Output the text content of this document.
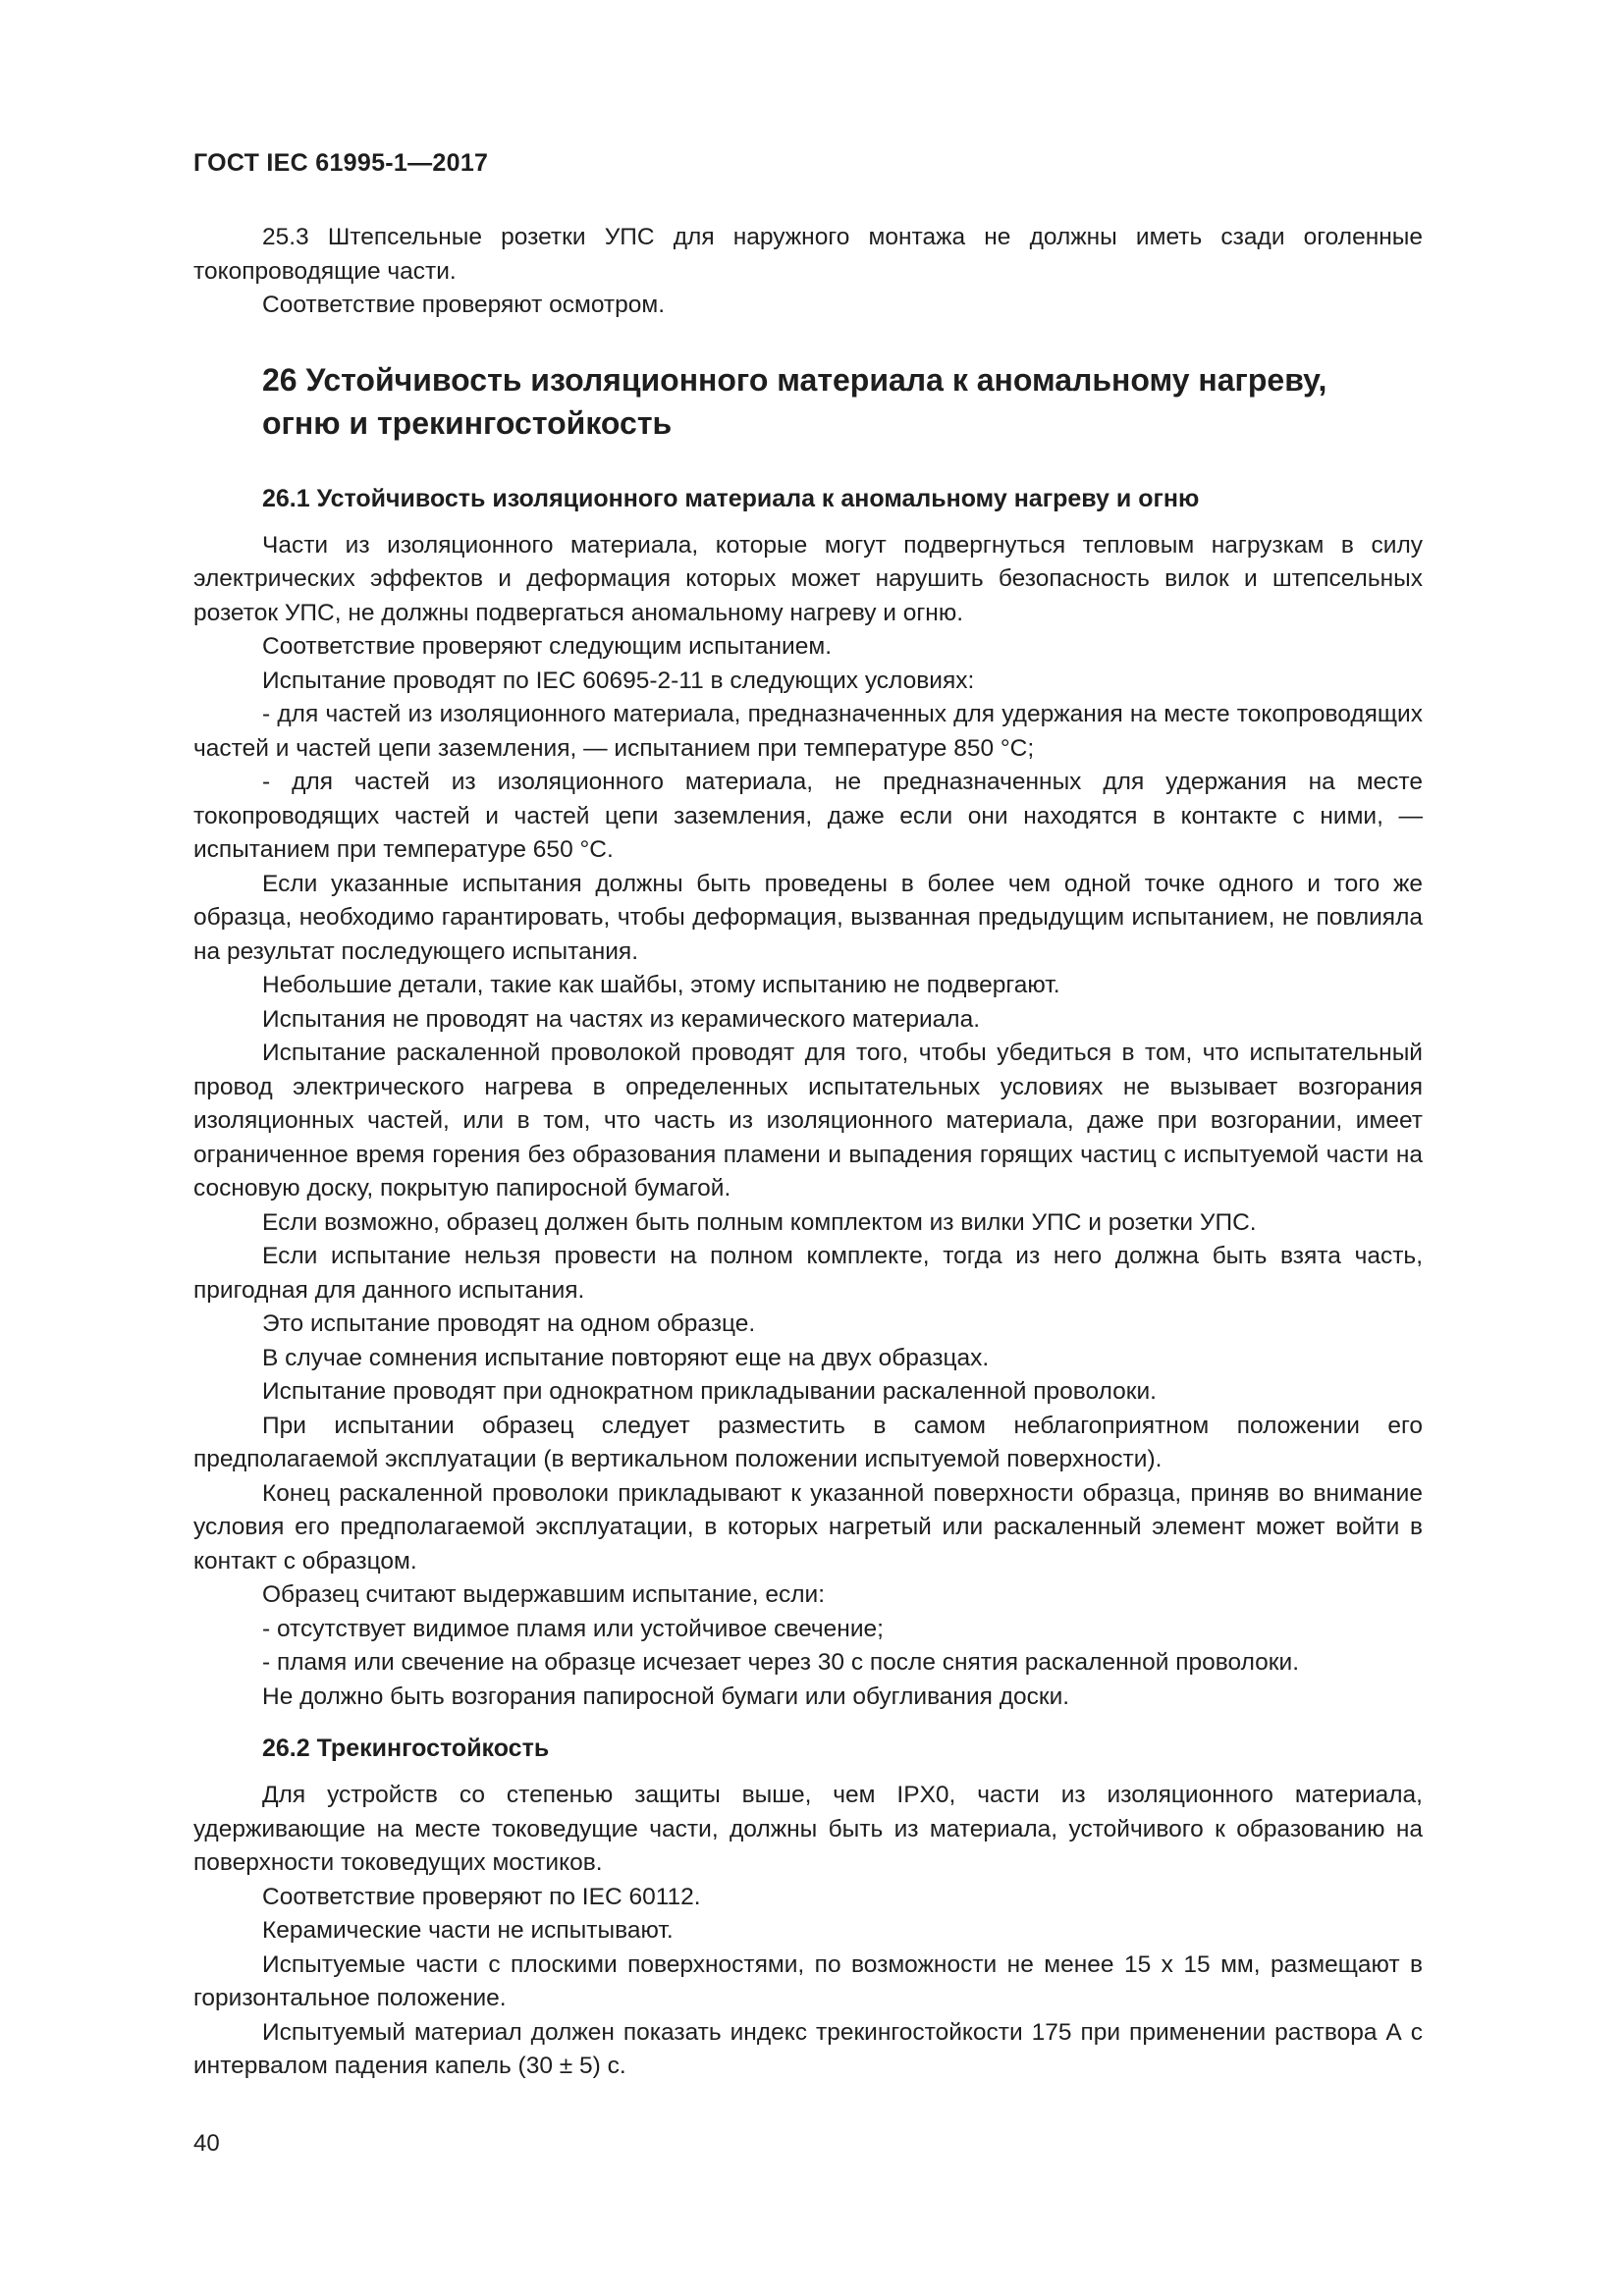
ГОСТ IEC 61995-1—2017

25.3 Штепсельные розетки УПС для наружного монтажа не должны иметь сзади оголенные токопроводящие части.

Соответствие проверяют осмотром.

26 Устойчивость изоляционного материала к аномальному нагреву,
огню и трекингостойкость
26.1 Устойчивость изоляционного материала к аномальному нагреву и огню

Части из изоляционного материала, которые могут подвергнуться тепловым нагрузкам в силу электрических эффектов и деформация которых может нарушить безопасность вилок и штепсельных розеток УПС, не должны подвергаться аномальному нагреву и огню.

Соответствие проверяют следующим испытанием.

Испытание проводят по IEC 60695-2-11 в следующих условиях:

- для частей из изоляционного материала, предназначенных для удержания на месте токопроводящих частей и частей цепи заземления, — испытанием при температуре 850 °С;

- для частей из изоляционного материала, не предназначенных для удержания на месте токопроводящих частей и частей цепи заземления, даже если они находятся в контакте с ними, — испытанием при температуре 650 °С.

Если указанные испытания должны быть проведены в более чем одной точке одного и того же образца, необходимо гарантировать, чтобы деформация, вызванная предыдущим испытанием, не повлияла на результат последующего испытания.

Небольшие детали, такие как шайбы, этому испытанию не подвергают.

Испытания не проводят на частях из керамического материала.

Испытание раскаленной проволокой проводят для того, чтобы убедиться в том, что испытательный провод электрического нагрева в определенных испытательных условиях не вызывает возгорания изоляционных частей, или в том, что часть из изоляционного материала, даже при возгорании, имеет ограниченное время горения без образования пламени и выпадения горящих частиц с испытуемой части на сосновую доску, покрытую папиросной бумагой.

Если возможно, образец должен быть полным комплектом из вилки УПС и розетки УПС.

Если испытание нельзя провести на полном комплекте, тогда из него должна быть взята часть, пригодная для данного испытания.

Это испытание проводят на одном образце.

В случае сомнения испытание повторяют еще на двух образцах.

Испытание проводят при однократном прикладывании раскаленной проволоки.

При испытании образец следует разместить в самом неблагоприятном положении его предполагаемой эксплуатации (в вертикальном положении испытуемой поверхности).

Конец раскаленной проволоки прикладывают к указанной поверхности образца, приняв во внимание условия его предполагаемой эксплуатации, в которых нагретый или раскаленный элемент может войти в контакт с образцом.

Образец считают выдержавшим испытание, если:

- отсутствует видимое пламя или устойчивое свечение;

- пламя или свечение на образце исчезает через 30 с после снятия раскаленной проволоки.

Не должно быть возгорания папиросной бумаги или обугливания доски.

26.2 Трекингостойкость

Для устройств со степенью защиты выше, чем IPX0, части из изоляционного материала, удерживающие на месте токоведущие части, должны быть из материала, устойчивого к образованию на поверхности токоведущих мостиков.

Соответствие проверяют по IEC 60112.

Керамические части не испытывают.

Испытуемые части с плоскими поверхностями, по возможности не менее 15 х 15 мм, размещают в горизонтальное положение.

Испытуемый материал должен показать индекс трекингостойкости 175 при применении раствора А с интервалом падения капель (30 ± 5) с.

40
